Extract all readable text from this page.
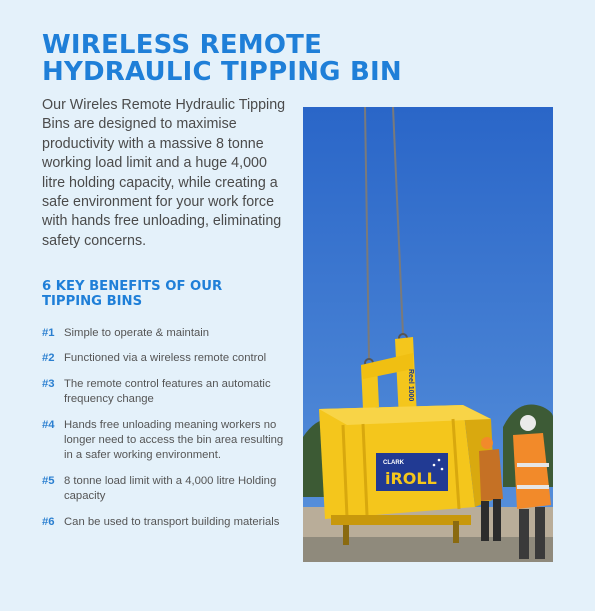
WIRELESS REMOTE
HYDRAULIC TIPPING BIN

Our Wireles Remote Hydraulic Tipping Bins are designed to maximise productivity with a massive 8 tonne working load limit and a huge 4,000 litre holding capacity, while creating a safe environment for your work force with hands free unloading, eliminating safety concerns.

6 KEY BENEFITS OF OUR
TIPPING BINS
#1 Simple to operate & maintain
#2 Functioned via a wireless remote control
#3 The remote control features an automatic frequency change
#4 Hands free unloading meaning workers no longer need to access the bin area resulting in a safer working environment.
#5 8 tonne load limit with a 4,000 litre Holding capacity
#6 Can be used to transport building materials
Reel 1000
CLARK
iROLL
